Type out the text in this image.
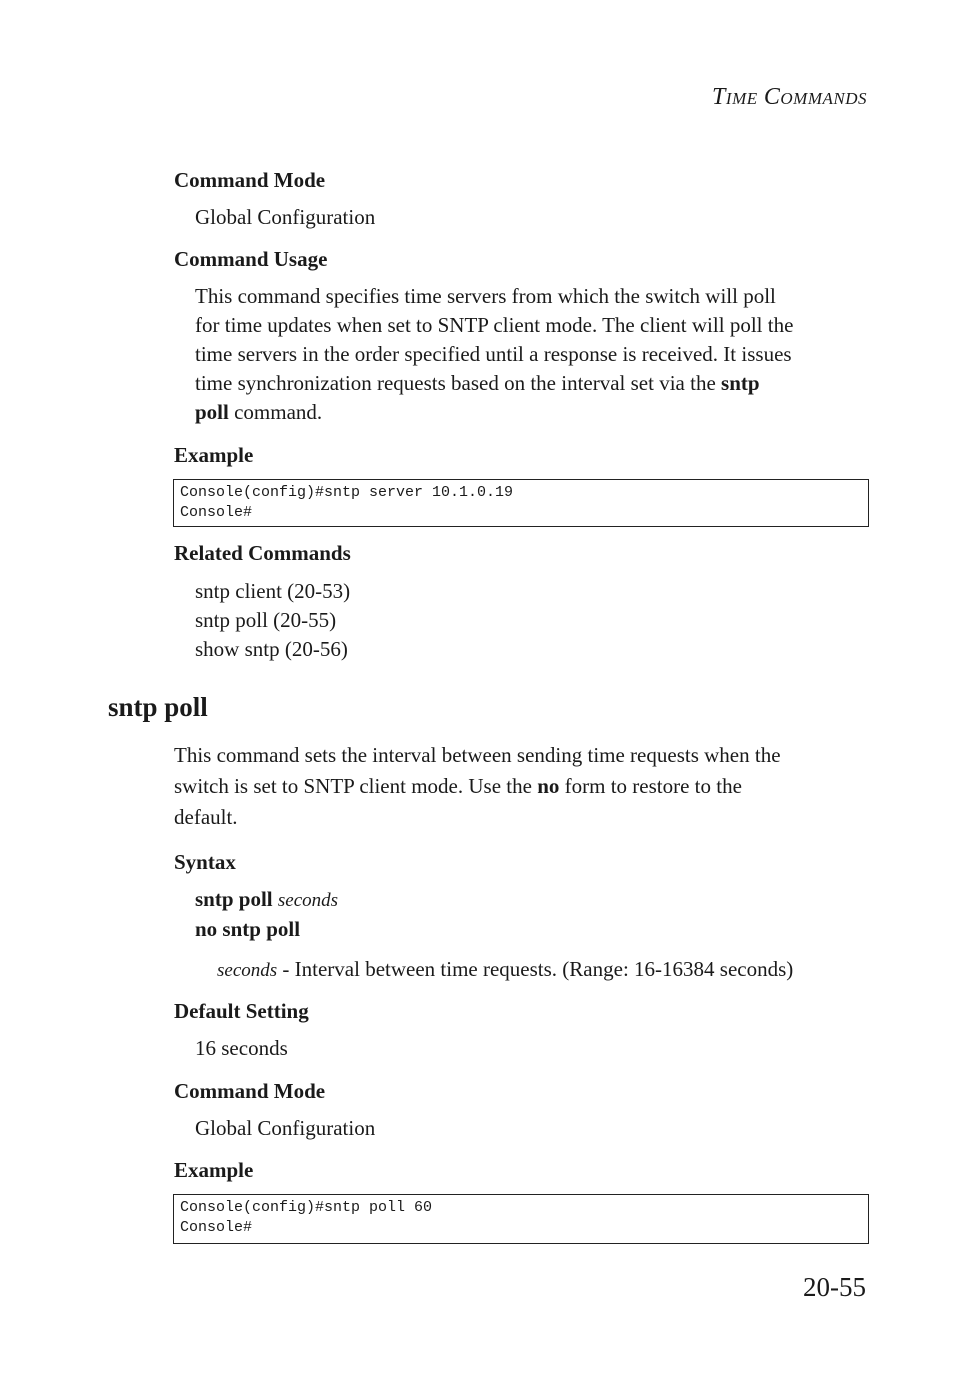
TIME COMMANDS
Command Mode
Global Configuration
Command Usage
This command specifies time servers from which the switch will poll
for time updates when set to SNTP client mode. The client will poll the
time servers in the order specified until a response is received. It issues
time synchronization requests based on the interval set via the sntp
poll command.
Example
Console(config)#sntp server 10.1.0.19
Console#
Related Commands
sntp client (20-53)
sntp poll (20-55)
show sntp (20-56)
sntp poll
This command sets the interval between sending time requests when the
switch is set to SNTP client mode. Use the no form to restore to the
default.
Syntax
sntp poll seconds
no sntp poll
seconds - Interval between time requests. (Range: 16-16384 seconds)
Default Setting
16 seconds
Command Mode
Global Configuration
Example
Console(config)#sntp poll 60
Console#
20-55
